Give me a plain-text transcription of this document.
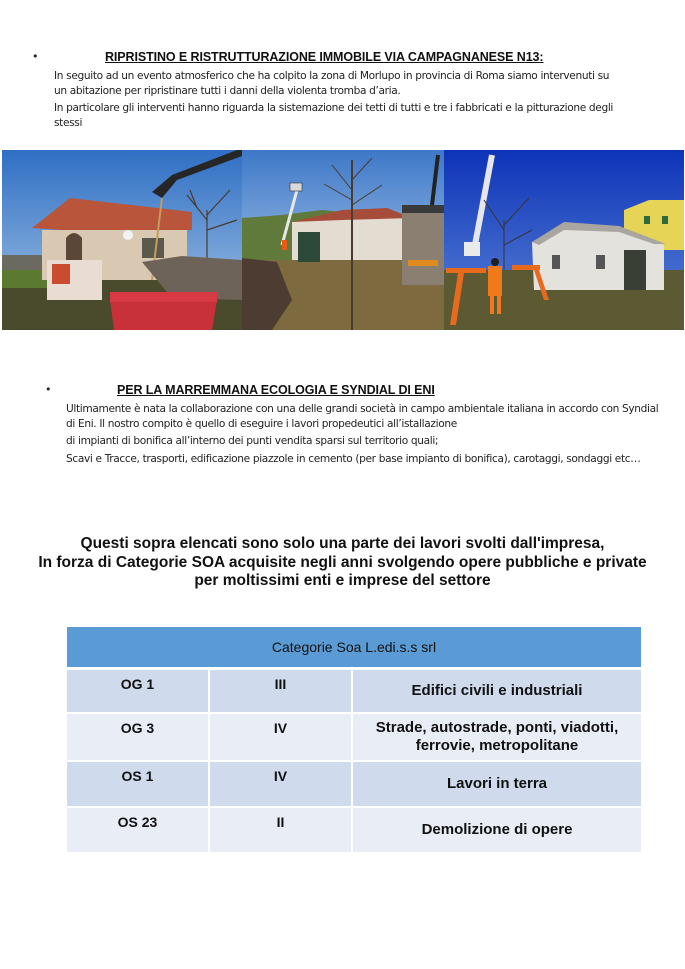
•	RIPRISTINO E RISTRUTTURAZIONE IMMOBILE VIA CAMPAGNANESE N13:

In seguito ad un evento atmosferico che ha colpito la zona di Morlupo in provincia di Roma siamo intervenuti su un abitazione per ripristinare tutti i danni della violenta tromba d’aria.

In particolare gli interventi hanno riguarda la sistemazione dei tetti di tutti e tre i fabbricati e la pitturazione degli stessi

•	PER LA MARREMMANA ECOLOGIA E SYNDIAL DI ENI

Ultimamente è nata la collaborazione con una delle grandi società in campo ambientale italiana in accordo con Syndial di Eni. Il nostro compito è quello di eseguire i lavori propedeutici all’istallazione

di impianti di bonifica all’interno dei punti vendita sparsi sul territorio quali;

Scavi e Tracce, trasporti, edificazione piazzole in cemento (per base impianto di bonifica), carotaggi, sondaggi etc…

Questi sopra elencati sono solo una parte dei lavori svolti dall'impresa,
In forza di Categorie SOA acquisite negli anni svolgendo opere pubbliche e private
per moltissimi enti e imprese del settore
Categorie Soa L.edi.s.s srl
OG 1	III	Edifici civili e industriali
OG 3	IV	Strade, autostrade, ponti, viadotti, ferrovie, metropolitane
OS 1	IV	Lavori in terra
OS 23	II	Demolizione di opere
